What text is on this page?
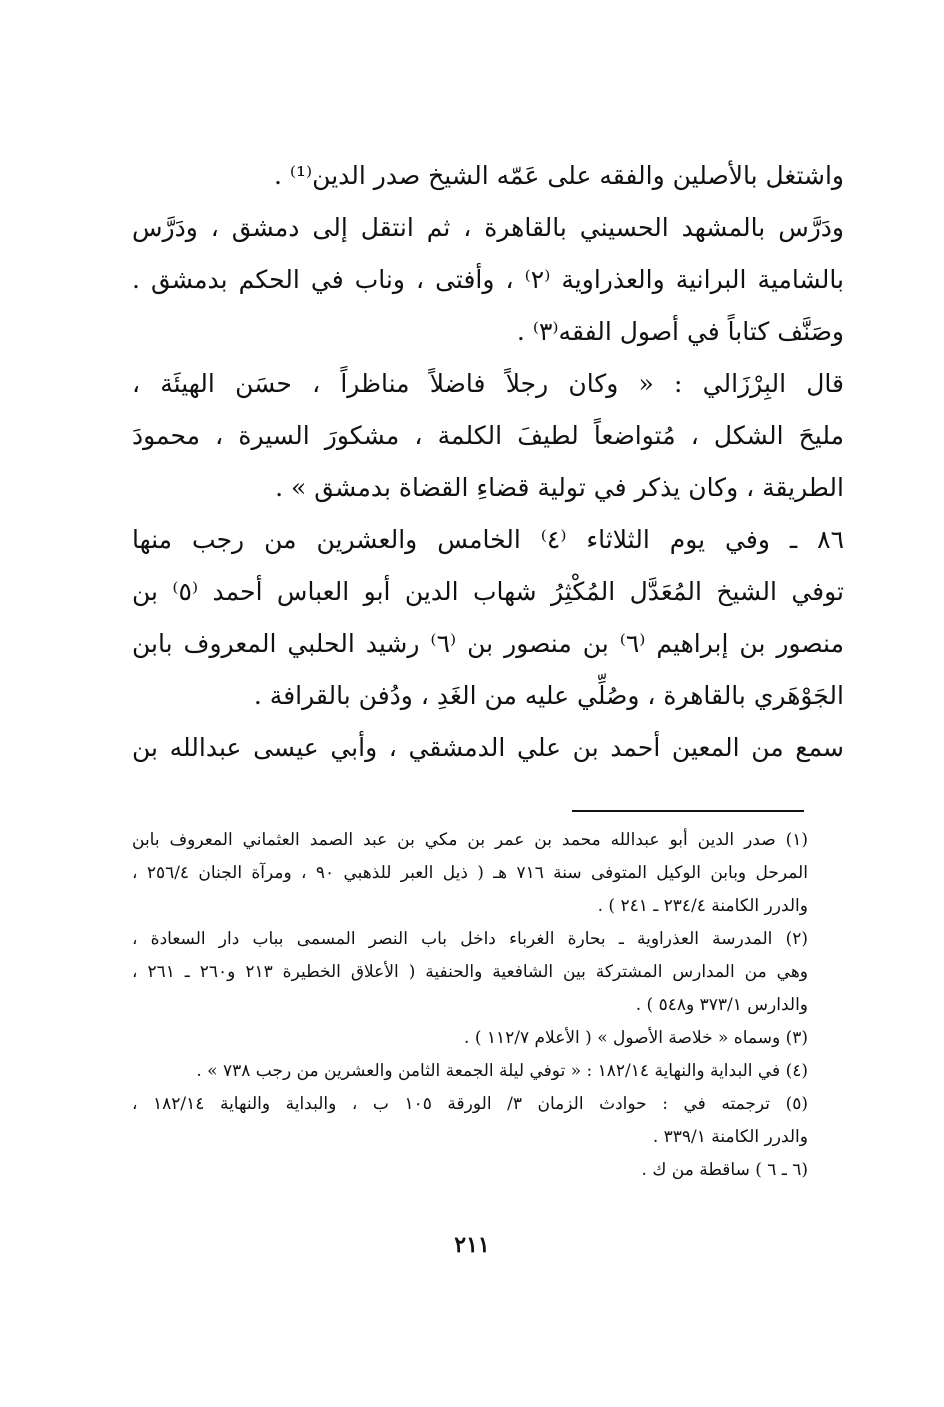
واشتغل بالأصلين والفقه على عَمّه الشيخ صدر الدين⁽¹⁾ .
ودَرَّس بالمشهد الحسيني بالقاهرة ، ثم انتقل إلى دمشق ، ودَرَّس
بالشامية البرانية والعذراوية ⁽٢⁾ ، وأفتى ، وناب في الحكم بدمشق .
وصَنَّف كتاباً في أصول الفقه⁽٣⁾ .
قال البِرْزَالي : « وكان رجلاً فاضلاً مناظراً ، حسَن الهيئَة ،
مليحَ الشكل ، مُتواضعاً لطيفَ الكلمة ، مشكورَ السيرة ، محمودَ
الطريقة ، وكان يذكر في تولية قضاءِ القضاة بدمشق » .
٨٦ ـ وفي يوم الثلاثاء ⁽٤⁾ الخامس والعشرين من رجب منها
توفي الشيخ المُعَدَّل المُكْثِرُ شهاب الدين أبو العباس أحمد ⁽٥⁾ بن
منصور بن إبراهيم ⁽٦⁾ بن منصور بن ⁽٦⁾ رشيد الحلبي المعروف بابن
الجَوْهَري بالقاهرة ، وصُلِّي عليه من الغَدِ ، ودُفن بالقرافة .
سمع من المعين أحمد بن علي الدمشقي ، وأبي عيسى عبدالله بن
(١) صدر الدين أبو عبدالله محمد بن عمر بن مكي بن عبد الصمد العثماني المعروف بابن
المرحل وبابن الوكيل المتوفى سنة ٧١٦ هـ ( ذيل العبر للذهبي ٩٠ ، ومرآة الجنان ٢٥٦/٤ ،
والدرر الكامنة ٢٣٤/٤ ـ ٢٤١ ) .
(٢) المدرسة العذراوية ـ بحارة الغرباء داخل باب النصر المسمى بباب دار السعادة ،
وهي من المدارس المشتركة بين الشافعية والحنفية ( الأعلاق الخطيرة ٢١٣ و٢٦٠ ـ ٢٦١ ،
والدارس ٣٧٣/١ و٥٤٨ ) .
(٣) وسماه « خلاصة الأصول » ( الأعلام ١١٢/٧ ) .
(٤) في البداية والنهاية ١٨٢/١٤ : « توفي ليلة الجمعة الثامن والعشرين من رجب ٧٣٨ » .
(٥) ترجمته في : حوادث الزمان ٣/ الورقة ١٠٥ ب ، والبداية والنهاية ١٨٢/١٤ ،
والدرر الكامنة ٣٣٩/١ .
(٦ ـ ٦ ) ساقطة من ك .
٢١١
